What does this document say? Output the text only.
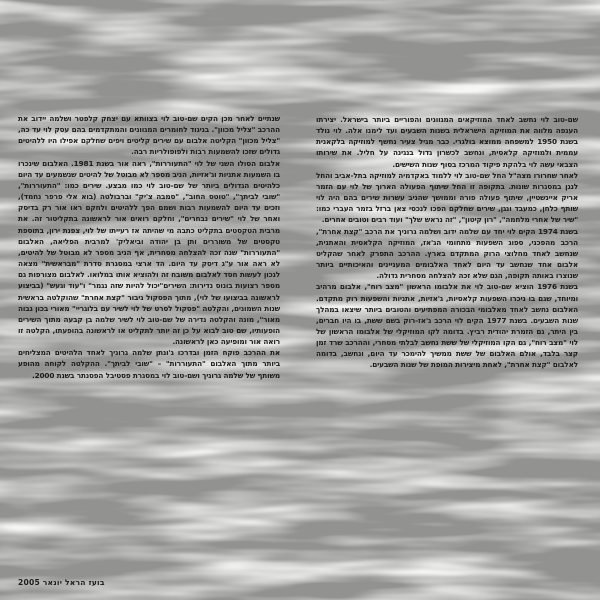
שם-טוב לוי נחשב לאחד המוזיקאים המגוונים והפוריים ביותר בישראל. יצירתו הענפה מלווה את המוזיקה הישראלית בשנות השבעים ועד לימנו אלה. לוי נולד בשנת 1950 למשפחה ממוצא בולגרי. כבר מגיל צעיר נחשף למוזיקה בלקאנית עממית ולמוזיקה קלאסית, ונחשב לכשרון גדול בנגינה על חליל. את שירותו הצבאי עשה לוי בלהקת פיקוד המרכז בסוף שנות השישים.

לאחר שחרורו מצה"ל החל שם-טוב לוי ללמוד באקדמיה למוזיקה בתל-אביב והחל לנגן במסגרות שונות. בתקופה זו החל שיתוף הפעולה הארוך של לוי עם הזמר אריק איינשטיין, שיתוף פעולה פורה וממושך שהניב עשרות שירים בהם היה לוי שותף כלחן, כמעבד ונגן, שירים שחלקם הפכו לנכסי צאן ברזל בזמר העברי כמו: "שיר של אחרי מלחמה", "רון קיטון", "זה נראש שלך" ועוד רבים וטובים אחרים.

בשנת 1974 הקים לוי יחד עם שלמה ידוב ושלמה גרוניך את הרכב "קצת אחרת", הרכב מהפכני, ספוג השפעות מתחומי הג'אז, המוזיקה הקלאסית והאתנית, שנחשב לאחד מחלוצי הרוק המתקדם בארץ. ההרכב התפרק לאחר שהקליט אלבום אחד שנחשב עד היום לאחד האלבומים המעניינים והאיכותיים ביותר שנוצרו באותה תקופה, הגם שלא זכה להצלחה מסחרית גדולה.

בשנת 1976 הוציא שם-טוב לוי את אלבומו הראשון "מצב רוח", אלבום מרהיב ומיוחד, שגם בו ניכרו השפעות קלאסיות, ג'אזיות, אתניות והשפעות רוק מתקדם. האלבום נחשב לאחד מאלבומי הבכורה המפתיעים והטובים ביותר שיצאו במהלך שנות השבעים. בשנת 1977 הקים לוי הרכב ג'אז-רוק בשם ששת, בו היו חברים, בין היתר, גם הזמרת יהודית רביץ. בדומה לקו המוזיקלי של אלבומו הראשון של לוי "מצב רוח", גם הקו המוזיקלי של ששת נחשב לבלתי מסחרי, וההרכב שרד זמן קצר בלבד, אולם האלבום של ששת ממשיך להימכר עד היום, ונחשב, בדומה לאלבום "קצת אחרת", לאחת מיצירות המופת של שנות השבעים.

שנתיים לאחר מכן הקים שם-טוב לוי בצוותא עם יצחק קלפטר ושלמה יידוב את ההרכב "צליל מכוון". בניגוד לחומרים המגוונים והמתקדמים בהם עסק לוי עד כה, "צליל מכוון" הקליטה אלבום עם שירים קליטים ויפים שחלקם אפילו היו ללהיטים גדולים שזכו להשמעות רבות ולפופולריות רבה.

אלבום הסולו השני של לוי "התעוררות", ראה אור בשנת 1981. האלבום שינכרו בו השמעות אתניות וג'אזיות, הניב מספר לא מבוטל של להיטים שנשמעים עד היום כלהיטים הגדולים ביותר של שם-טוב לוי כמו מבצע. שירים כמו: "התעוררות", "שובי לביתך", "טוטס החוב", "סמבה צ'יק" וברבולטה (בוא אלי פרפר נחמד), וזכים עד היום להשמעות רבות ושמם הפך ללהיטים ולחקם ראו אור רק בדיסק ואחר של לוי "שירים נבחרים", וחלקם רואים אור לראשונה בתקליטור זה. את מרבית הטקסטים בתקליט כתבה מי שהיתה אז רעייתו של לוי, צפנת ירון, בתוספת טקסטים של משוררים ותן בן יהודה וביאליק' למרבית הפליאה, האלבום "התעוררות" שנה זכה להצלחה מסחרית, אף הניב מספר לא מבוטל של להיטים, לא ראה אור ע"ג דיסק עד היום. הד ארצי במסגרת סדרת "מבראשית" מצאה לנכון לעשות חסד לאלבום משובח זה ולהוציא אותו במלואו. לאלבום מצורפות גם מספר רצועות בונוס נדירות: השירים"יכול להיות שזה נגמר" ו"עוד וגעש" (בביצוע לראשונה בביצועו של לוי), מתוך הפסקול גיבור "קצת אחרת" שהוקלטה בראשית שנות השמונים, והקלטה "פסקול לסרט של לוי לשיר עם בלוגריי" מאורי בכון גבוה מאור", מונה והקלטה נדירה של שם-טוב לוי לשיר שלמה בן קבעה מתוך השירים הופעותיו, שם טוב לבוא על כן זה יותר לתקליט או לראשונה בהופעתו, הקלטה זו רואה אור ומופיעה כאן לראשונה.

את ההרכב פוקח הזמן ובדרכו ג'ונתן שלמה גרוניך לאחד הלהיטים המצליחים ביותר מתוך האלבום "התעוררות" – "שובי לביתך". ההקלטה לקוחה מהופע משותף של שלמה גרוניך ושם-טוב לוי במסגרת פסטיבל הפסנתר בשנת 2000.

בועז הראל יונאר 2005
